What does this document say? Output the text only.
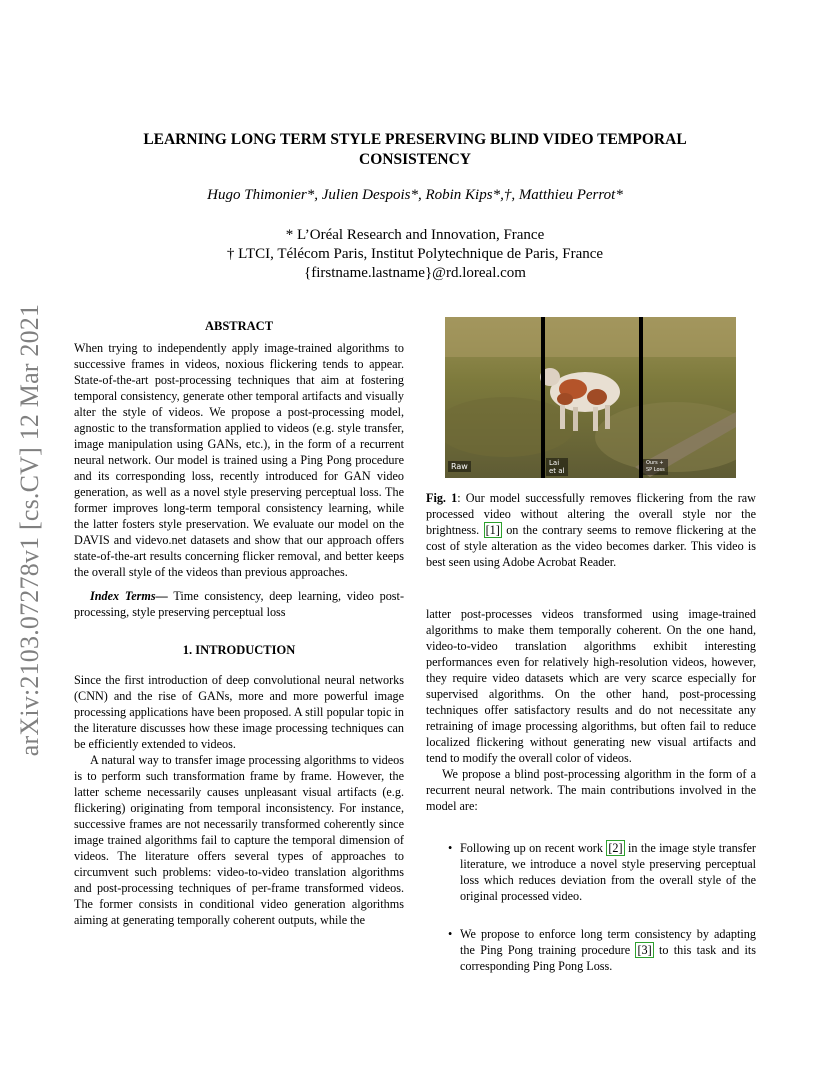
arXiv:2103.07278v1 [cs.CV] 12 Mar 2021
LEARNING LONG TERM STYLE PRESERVING BLIND VIDEO TEMPORAL CONSISTENCY
Hugo Thimonier*, Julien Despois*, Robin Kips*,†, Matthieu Perrot*
* L’Oréal Research and Innovation, France
† LTCI, Télécom Paris, Institut Polytechnique de Paris, France
{firstname.lastname}@rd.loreal.com
ABSTRACT

When trying to independently apply image-trained algorithms to successive frames in videos, noxious flickering tends to appear. State-of-the-art post-processing techniques that aim at fostering temporal consistency, generate other temporal artifacts and visually alter the style of videos. We propose a post-processing model, agnostic to the transformation applied to videos (e.g. style transfer, image manipulation using GANs, etc.), in the form of a recurrent neural network. Our model is trained using a Ping Pong procedure and its corresponding loss, recently introduced for GAN video generation, as well as a novel style preserving perceptual loss. The former improves long-term temporal consistency learning, while the latter fosters style preservation. We evaluate our model on the DAVIS and videvo.net datasets and show that our approach offers state-of-the-art results concerning flicker removal, and better keeps the overall style of the videos than previous approaches.

Index Terms— Time consistency, deep learning, video post-processing, style preserving perceptual loss

1. INTRODUCTION

Since the first introduction of deep convolutional neural networks (CNN) and the rise of GANs, more and more powerful image processing applications have been proposed. A still popular topic in the literature discusses how these image processing techniques can be efficiently extended to videos.

A natural way to transfer image processing algorithms to videos is to perform such transformation frame by frame. However, the latter scheme necessarily causes unpleasant visual artifacts (e.g. flickering) originating from temporal inconsistency. For instance, successive frames are not necessarily transformed coherently since image trained algorithms fail to capture the temporal dimension of videos. The literature offers several types of approaches to circumvent such problems: video-to-video translation algorithms and post-processing techniques of per-frame transformed videos. The former consists in conditional video generation algorithms aiming at generating temporally coherent outputs, while the

Raw	Lai
et al
Ours +
SP Loss
Fig. 1: Our model successfully removes flickering from the raw processed video without altering the overall style nor the brightness. [1] on the contrary seems to remove flickering at the cost of style alteration as the video becomes darker. This video is best seen using Adobe Acrobat Reader.

latter post-processes videos transformed using image-trained algorithms to make them temporally coherent. On the one hand, video-to-video translation algorithms exhibit interesting performances even for relatively high-resolution videos, however, they require video datasets which are very scarce especially for supervised algorithms. On the other hand, post-processing techniques offer satisfactory results and do not necessitate any retraining of image processing algorithms, but often fail to reduce localized flickering without generating new visual artifacts and tend to modify the overall color of videos.

We propose a blind post-processing algorithm in the form of a recurrent neural network. The main contributions involved in the model are:

• Following up on recent work [2] in the image style transfer literature, we introduce a novel style preserving perceptual loss which reduces deviation from the overall style of the original processed video.
• We propose to enforce long term consistency by adapting the Ping Pong training procedure [3] to this task and its corresponding Ping Pong Loss.
